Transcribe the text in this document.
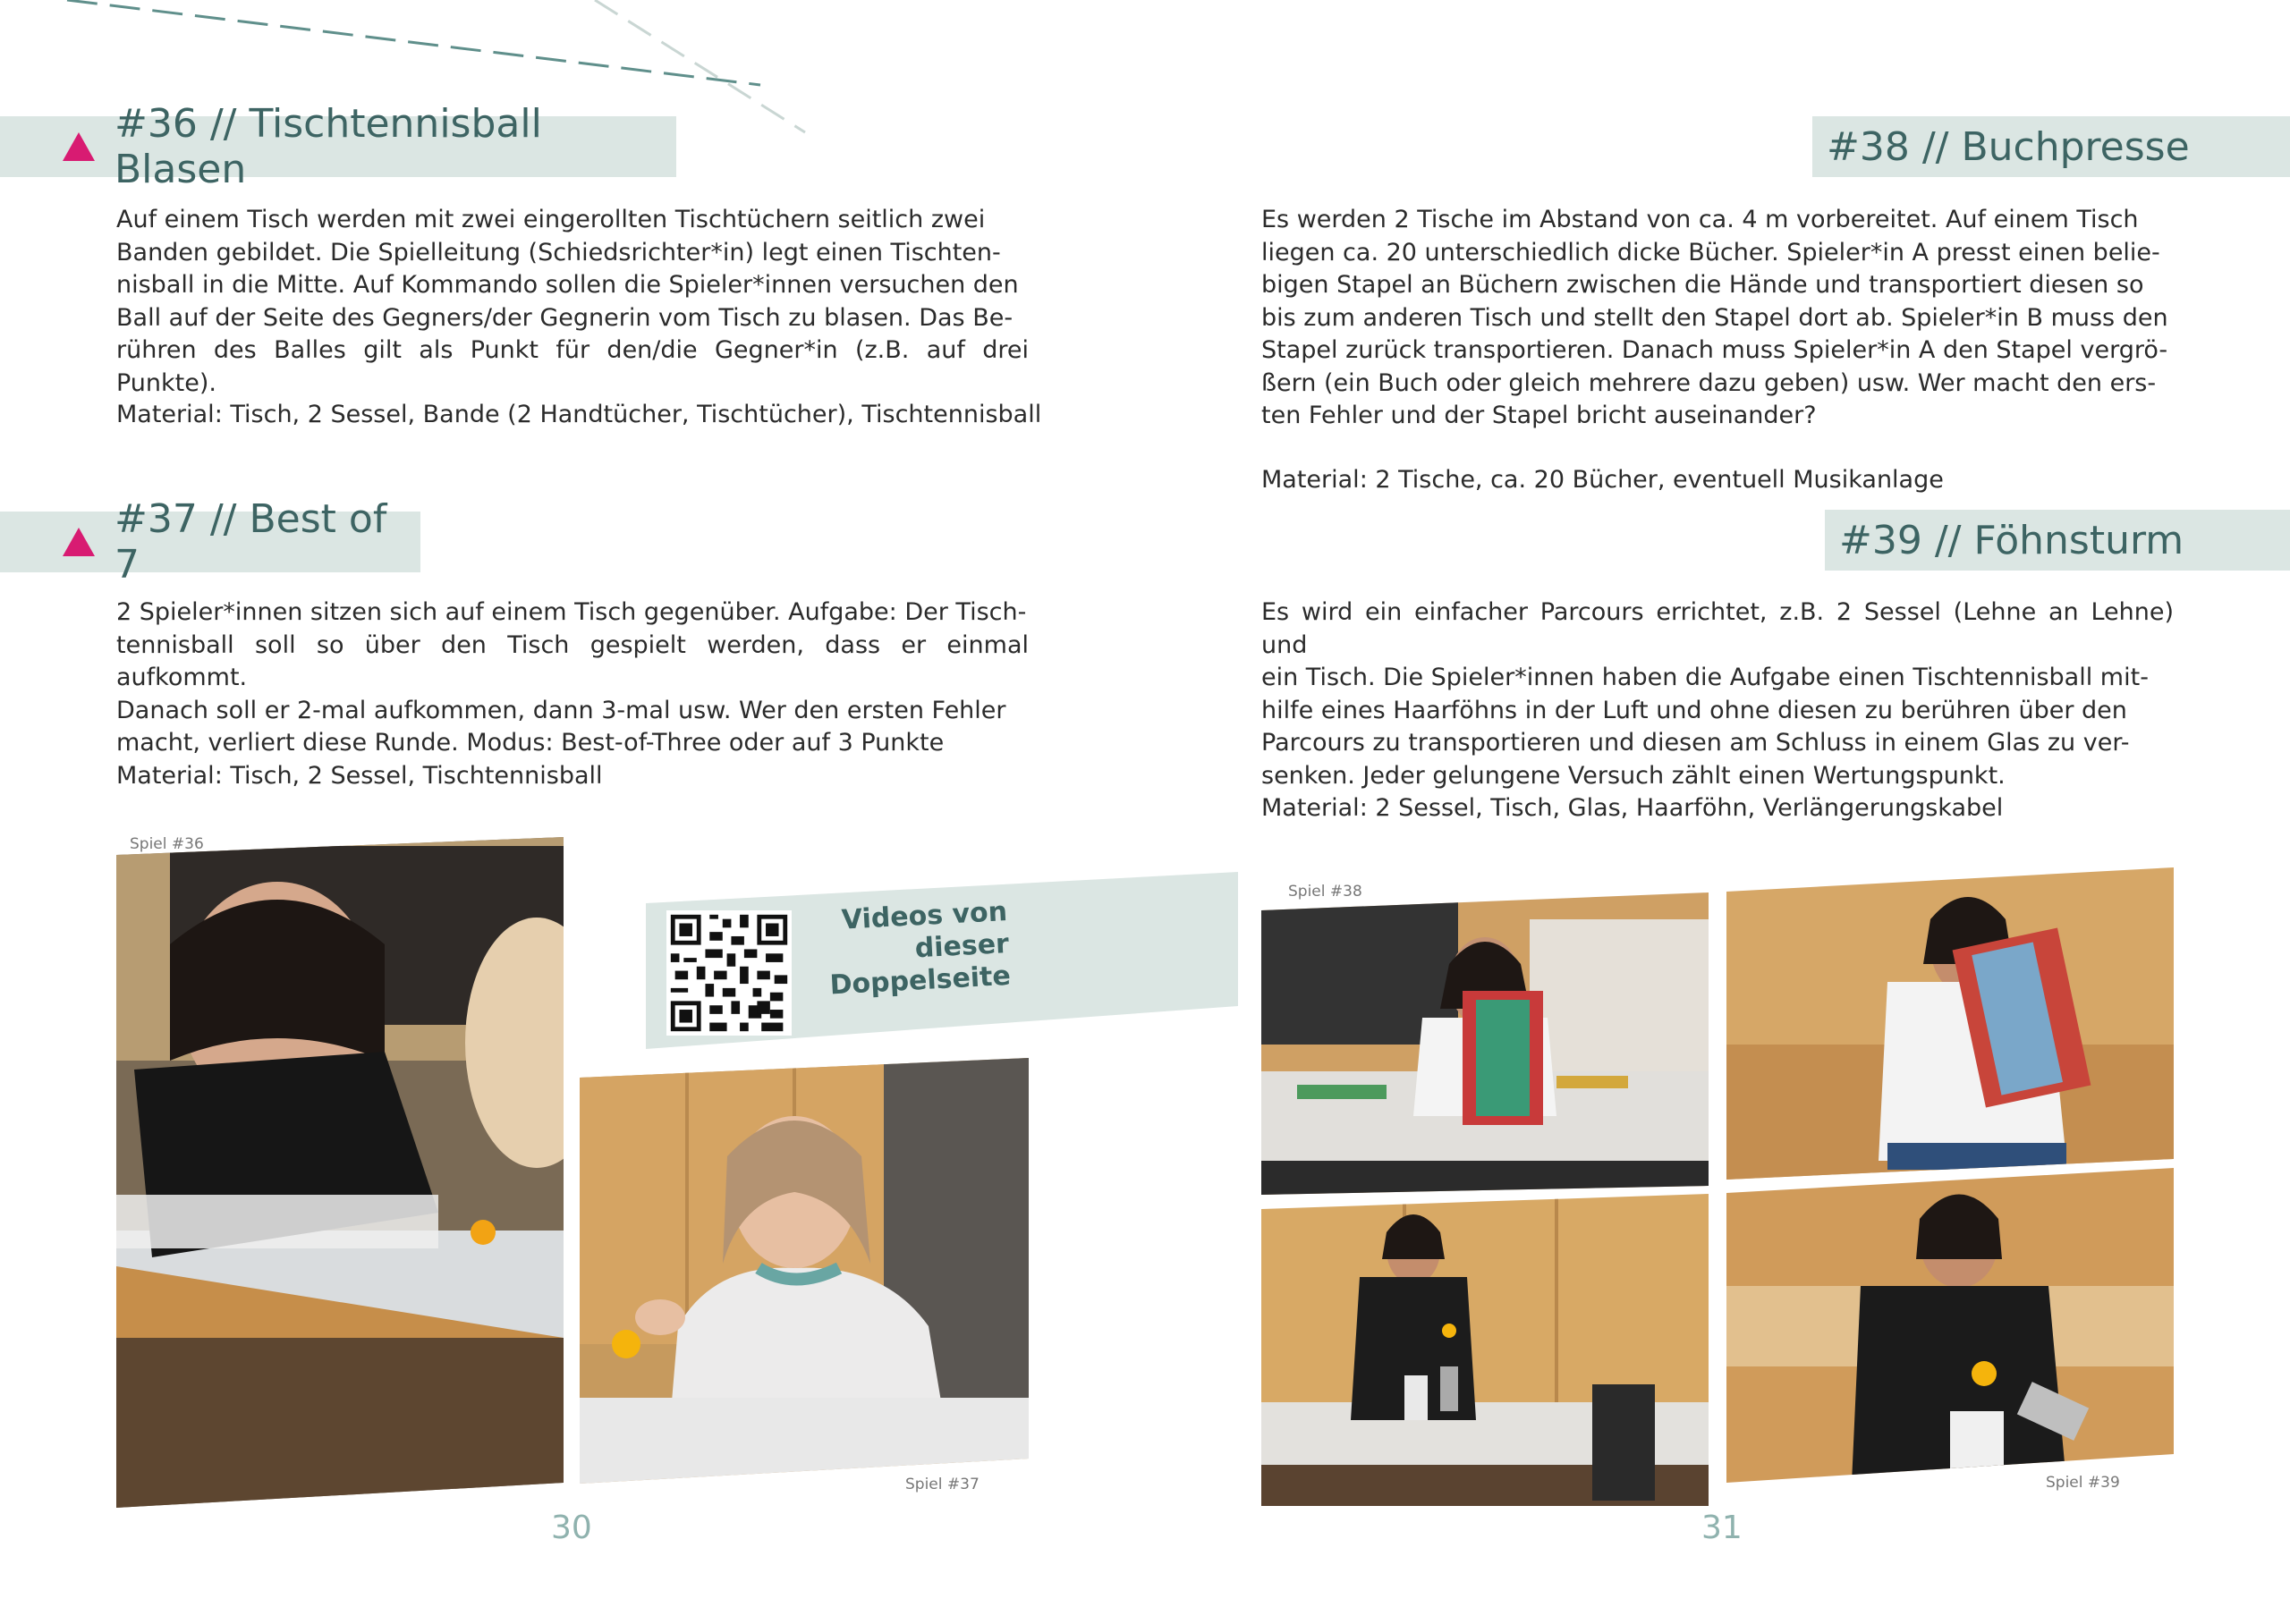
#36 // Tischtennisball Blasen
Auf einem Tisch werden mit zwei eingerollten Tischtüchern seitlich zwei
Banden gebildet. Die Spielleitung (Schiedsrichter*in) legt einen Tischten-
nisball in die Mitte. Auf Kommando sollen die Spieler*innen versuchen den
Ball auf der Seite des Gegners/der Gegnerin vom Tisch zu blasen. Das Be-
rühren des Balles gilt als Punkt für den/die Gegner*in (z.B. auf drei Punkte).
Material: Tisch, 2 Sessel, Bande (2 Handtücher, Tischtücher), Tischtennisball
#37 // Best of 7
2 Spieler*innen sitzen sich auf einem Tisch gegenüber. Aufgabe: Der Tisch-
tennisball soll so über den Tisch gespielt werden, dass er einmal aufkommt.
Danach soll er 2-mal aufkommen, dann 3-mal usw. Wer den ersten Fehler
macht, verliert diese Runde. Modus: Best-of-Three oder auf 3 Punkte
Material: Tisch, 2 Sessel, Tischtennisball
Spiel #36
Videos von
dieser
Doppelseite
Spiel #37
30
#38 // Buchpresse
Es werden 2 Tische im Abstand von ca. 4 m vorbereitet. Auf einem Tisch
liegen ca. 20 unterschiedlich dicke Bücher. Spieler*in A presst einen belie-
bigen Stapel an Büchern zwischen die Hände und transportiert diesen so
bis zum anderen Tisch und stellt den Stapel dort ab. Spieler*in B muss den
Stapel zurück transportieren. Danach muss Spieler*in A den Stapel vergrö-
ßern (ein Buch oder gleich mehrere dazu geben) usw. Wer macht den ers-
ten Fehler und der Stapel bricht auseinander?
Material: 2 Tische, ca. 20 Bücher, eventuell Musikanlage
#39 // Föhnsturm
Es wird ein einfacher Parcours errichtet, z.B. 2 Sessel (Lehne an Lehne) und
ein Tisch. Die Spieler*innen haben die Aufgabe einen Tischtennisball mit-
hilfe eines Haarföhns in der Luft und ohne diesen zu berühren über den
Parcours zu transportieren und diesen am Schluss in einem Glas zu ver-
senken. Jeder gelungene Versuch zählt einen Wertungspunkt.
Material: 2 Sessel, Tisch, Glas, Haarföhn, Verlängerungskabel
Spiel #38
Spiel #39
31
